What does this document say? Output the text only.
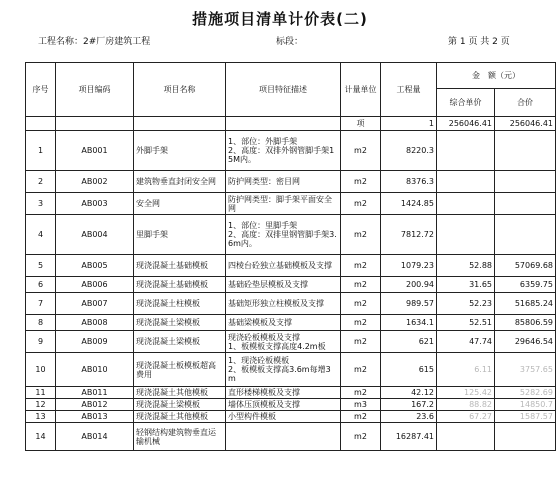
措施项目清单计价表(二)
工程名称：2#厂房建筑工程	标段：	第 1 页 共 2 页
序号	项目编码	项目名称	项目特征描述	计量单位	工程量	金　额（元）	
						综合单价	合价
				项	1	256046.41	256046.41
1	AB001	外脚手架	1、部位：外脚手架
2、高度：双排外钢管脚手架15M内。	m2	8220.3		
2	AB002	建筑物垂直封闭安全网	防护网类型：密目网	m2	8376.3		
3	AB003	安全网	防护网类型：脚手架平面安全网	m2	1424.85		
4	AB004	里脚手架	1、部位：里脚手架
2、高度：双排里钢管脚手架3.6m内。	m2	7812.72		
5	AB005	现浇混凝土基础模板	四棱台砼独立基础模板及支撑	m2	1079.23	52.88	57069.68
6	AB006	现浇混凝土基础模板	基础砼垫层模板及支撑	m2	200.94	31.65	6359.75
7	AB007	现浇混凝土柱模板	基础矩形独立柱模板及支撑	m2	989.57	52.23	51685.24
8	AB008	现浇混凝土梁模板	基础梁模板及支撑	m2	1634.1	52.51	85806.59
9	AB009	现浇混凝土梁模板	现浇砼板模板及支撑
1、板模板支撑高度4.2m板	m2	621	47.74	29646.54
10	AB010	现浇混凝土板模板超高费用	1、现浇砼板模板
2、板模板支撑高3.6m每增3m	m2	615	6.11	3757.65
11	AB011	现浇混凝土其他模板	直形楼梯模板及支撑	m2	42.12	125.42	5282.69
12	AB012	现浇混凝土梁模板	墙体压顶模板及支撑	m3	167.2	88.82	14850.7
13	AB013	现浇混凝土其他模板	小型构件模板	m2	23.6	67.27	1587.57
14	AB014	轻钢结构建筑物垂直运输机械		m2	16287.41		
